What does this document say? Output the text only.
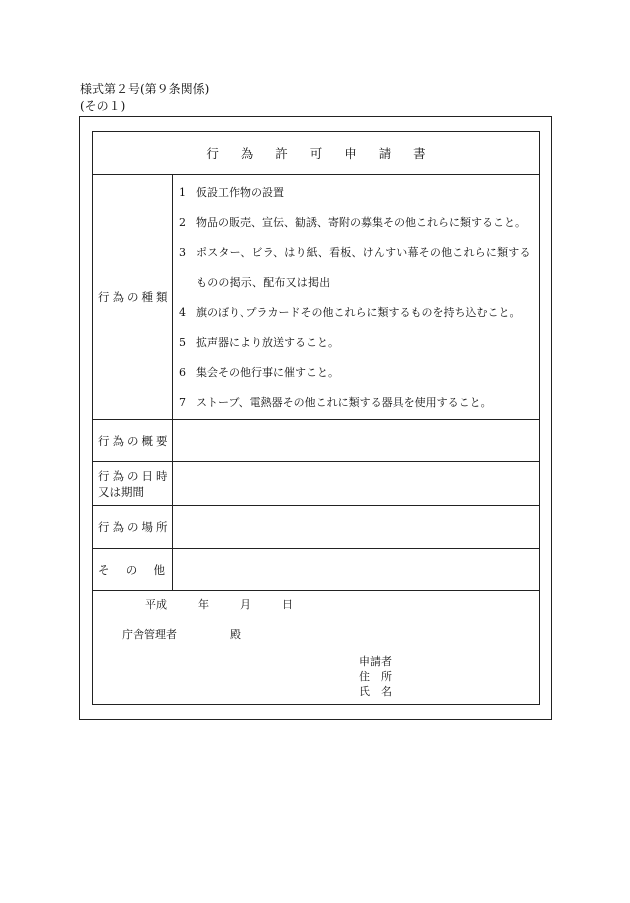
様式第２号(第９条関係)
(その１)
行 為 許 可 申 請 書
行為の種類
1 仮設工作物の設置
2 物品の販売、宣伝、勧誘、寄附の募集その他これらに類すること。
3 ポスター、ビラ、はり紙、看板、けんすい幕その他これらに類するものの掲示、配布又は掲出
4 旗のぼり､プラカードその他これらに類するものを持ち込むこと。
5 拡声器により放送すること。
6 集会その他行事に催すこと。
7 ストーブ、電熱器その他これに類する器具を使用すること。
行為の概要
行為の日時
又は期間
行為の場所
そ の 他
平成	年	月	日
庁舎管理者	殿
申請者
住　所
氏　名
